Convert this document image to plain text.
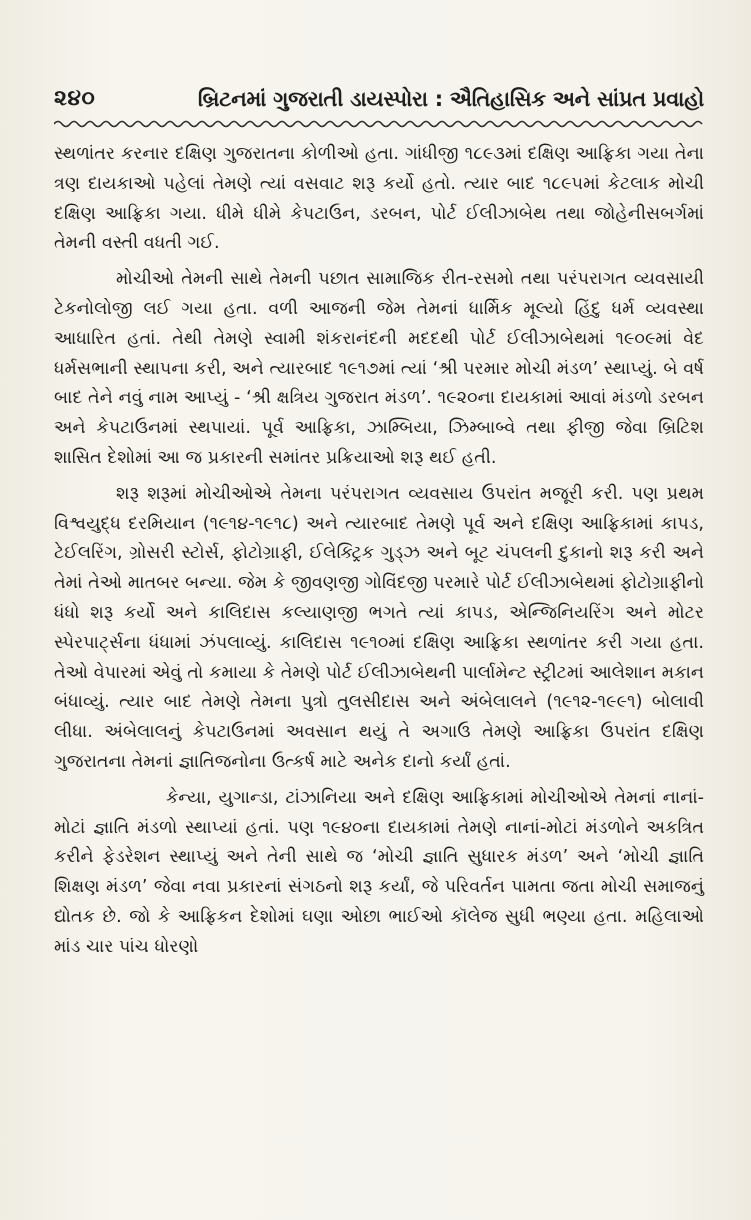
૨૪૦	બ્રિટનમાં ગુજરાતી ડાયસ્પોરા : ઐતિહાસિક અને સાંપ્રત પ્રવાહો

સ્થળાંતર કરનાર દક્ષિણ ગુજરાતના કોળીઓ હતા. ગાંધીજી ૧૮૯૩માં દક્ષિણ આફ્રિકા ગયા તેના ત્રણ દાયકાઓ પહેલાં તેમણે ત્યાં વસવાટ શરૂ કર્યો હતો. ત્યાર બાદ ૧૮૯૫માં કેટલાક મોચી દક્ષિણ આફ્રિકા ગયા. ધીમે ધીમે કેપટાઉન, ડરબન, પોર્ટ ઈલીઝાબેથ તથા જોહેનીસબર્ગમાં તેમની વસ્તી વધતી ગઈ.

મોચીઓ તેમની સાથે તેમની પછાત સામાજિક રીત-રસમો તથા પરંપરાગત વ્યવસાયી ટેકનોલોજી લઈ ગયા હતા. વળી આજની જેમ તેમનાં ધાર્મિક મૂલ્યો હિંદુ ધર્મ વ્યવસ્થા આધારિત હતાં. તેથી તેમણે સ્વામી શંકરાનંદની મદદથી પોર્ટ ઈલીઝાબેથમાં ૧૯૦૯માં વેદ ધર્મસભાની સ્થાપના કરી, અને ત્યારબાદ ૧૯૧૭માં ત્યાં ‘શ્રી પરમાર મોચી મંડળ’ સ્થાપ્યું. બે વર્ષ બાદ તેને નવું નામ આપ્યું - ‘શ્રી ક્ષત્રિય ગુજરાત મંડળ’. ૧૯૨૦ના દાયકામાં આવાં મંડળો ડરબન અને કેપટાઉનમાં સ્થપાયાં. પૂર્વ આફ્રિકા, ઝામ્બિયા, ઝિમ્બાબ્વે તથા ફીજી જેવા બ્રિટિશ શાસિત દેશોમાં આ જ પ્રકારની સમાંતર પ્રક્રિયાઓ શરૂ થઈ હતી.

શરૂ શરૂમાં મોચીઓએ તેમના પરંપરાગત વ્યવસાય ઉપરાંત મજૂરી કરી. પણ પ્રથમ વિશ્વયુદ્ધ દરમિયાન (૧૯૧૪-૧૯૧૮) અને ત્યારબાદ તેમણે પૂર્વ અને દક્ષિણ આફ્રિકામાં કાપડ, ટેઈલરિંગ, ગ્રોસરી સ્ટોર્સ, ફોટોગ્રાફી, ઈલેક્ટ્રિક ગુડ્ઝ અને બૂટ ચંપલની દુકાનો શરૂ કરી અને તેમાં તેઓ માતબર બન્યા. જેમ કે જીવણજી ગોવિંદજી પરમારે પોર્ટ ઈલીઝાબેથમાં ફોટોગ્રાફીનો ધંધો શરૂ કર્યો અને કાલિદાસ કલ્યાણજી ભગતે ત્યાં કાપડ, એન્જિનિયરિંગ અને મોટર સ્પેરપાર્ટ્સના ધંધામાં ઝંપલાવ્યું. કાલિદાસ ૧૯૧૦માં દક્ષિણ આફ્રિકા સ્થળાંતર કરી ગયા હતા. તેઓ વેપારમાં એવું તો કમાયા કે તેમણે પોર્ટ ઈલીઝાબેથની પાર્લામેન્ટ સ્ટ્રીટમાં આલેશાન મકાન બંધાવ્યું. ત્યાર બાદ તેમણે તેમના પુત્રો તુલસીદાસ અને અંબેલાલને (૧૯૧૨-૧૯૯૧) બોલાવી લીધા. અંબેલાલનું કેપટાઉનમાં અવસાન થયું તે અગાઉ તેમણે આફ્રિકા ઉપરાંત દક્ષિણ ગુજરાતના તેમનાં જ્ઞાતિજનોના ઉત્કર્ષ માટે અનેક દાનો કર્યાં હતાં.

કેન્યા, યુગાન્ડા, ટાંઝાનિયા અને દક્ષિણ આફ્રિકામાં મોચીઓએ તેમનાં નાનાં-મોટાં જ્ઞાતિ મંડળો સ્થાપ્યાં હતાં. પણ ૧૯૪૦ના દાયકામાં તેમણે નાનાં-મોટાં મંડળોને અકત્રિત કરીને ફેડરેશન સ્થાપ્યું અને તેની સાથે જ ‘મોચી જ્ઞાતિ સુધારક મંડળ’ અને ‘મોચી જ્ઞાતિ શિક્ષણ મંડળ’ જેવા નવા પ્રકારનાં સંગઠનો શરૂ કર્યાં, જે પરિવર્તન પામતા જતા મોચી સમાજનું દ્યોતક છે. જો કે આફ્રિકન દેશોમાં ઘણા ઓછા ભાઈઓ કૉલેજ સુધી ભણ્યા હતા. મહિલાઓ માંડ ચાર પાંચ ધોરણો
